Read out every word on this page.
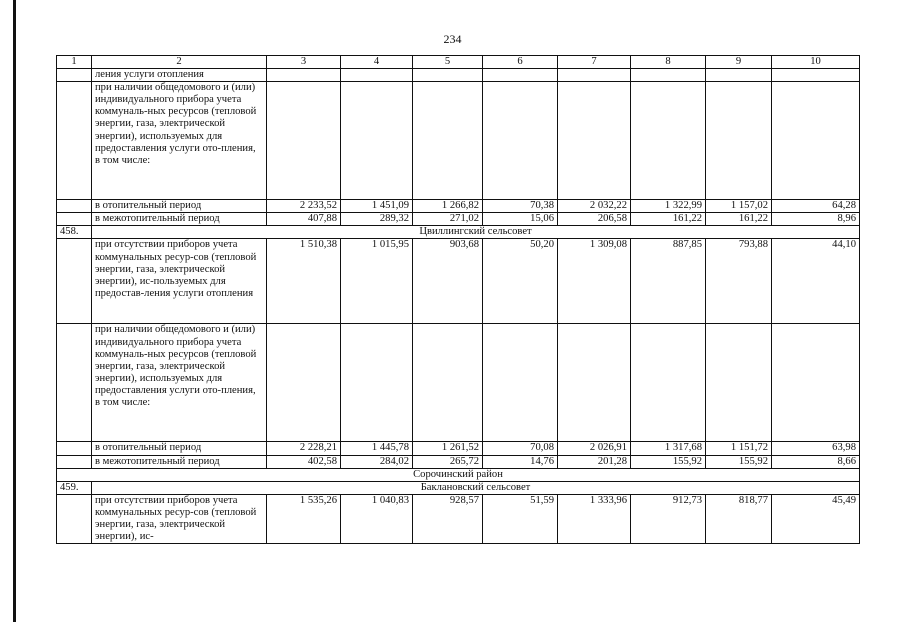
234
1	2	3	4	5	6	7	8	9	10
	ления услуги отопления								
	при наличии общедомового и (или) индивидуального прибора учета коммуналь-ных ресурсов (тепловой энергии, газа, электрической энергии), используемых для предоставления услуги ото-пления, в том числе:								
	в отопительный период	2 233,52	1 451,09	1 266,82	70,38	2 032,22	1 322,99	1 157,02	64,28
	в межотопительный период	407,88	289,32	271,02	15,06	206,58	161,22	161,22	8,96
458.	Цвиллингский сельсовет								
	при отсутствии приборов учета коммунальных ресур-сов (тепловой энергии, газа, электрической энергии), ис-пользуемых для предостав-ления услуги отопления	1 510,38	1 015,95	903,68	50,20	1 309,08	887,85	793,88	44,10
	при наличии общедомового и (или) индивидуального прибора учета коммуналь-ных ресурсов (тепловой энергии, газа, электрической энергии), используемых для предоставления услуги ото-пления, в том числе:								
	в отопительный период	2 228,21	1 445,78	1 261,52	70,08	2 026,91	1 317,68	1 151,72	63,98
	в межотопительный период	402,58	284,02	265,72	14,76	201,28	155,92	155,92	8,66
Сорочинский район									
459.	Баклановский сельсовет								
	при отсутствии приборов учета коммунальных ресур-сов (тепловой энергии, газа, электрической энергии), ис-	1 535,26	1 040,83	928,57	51,59	1 333,96	912,73	818,77	45,49
